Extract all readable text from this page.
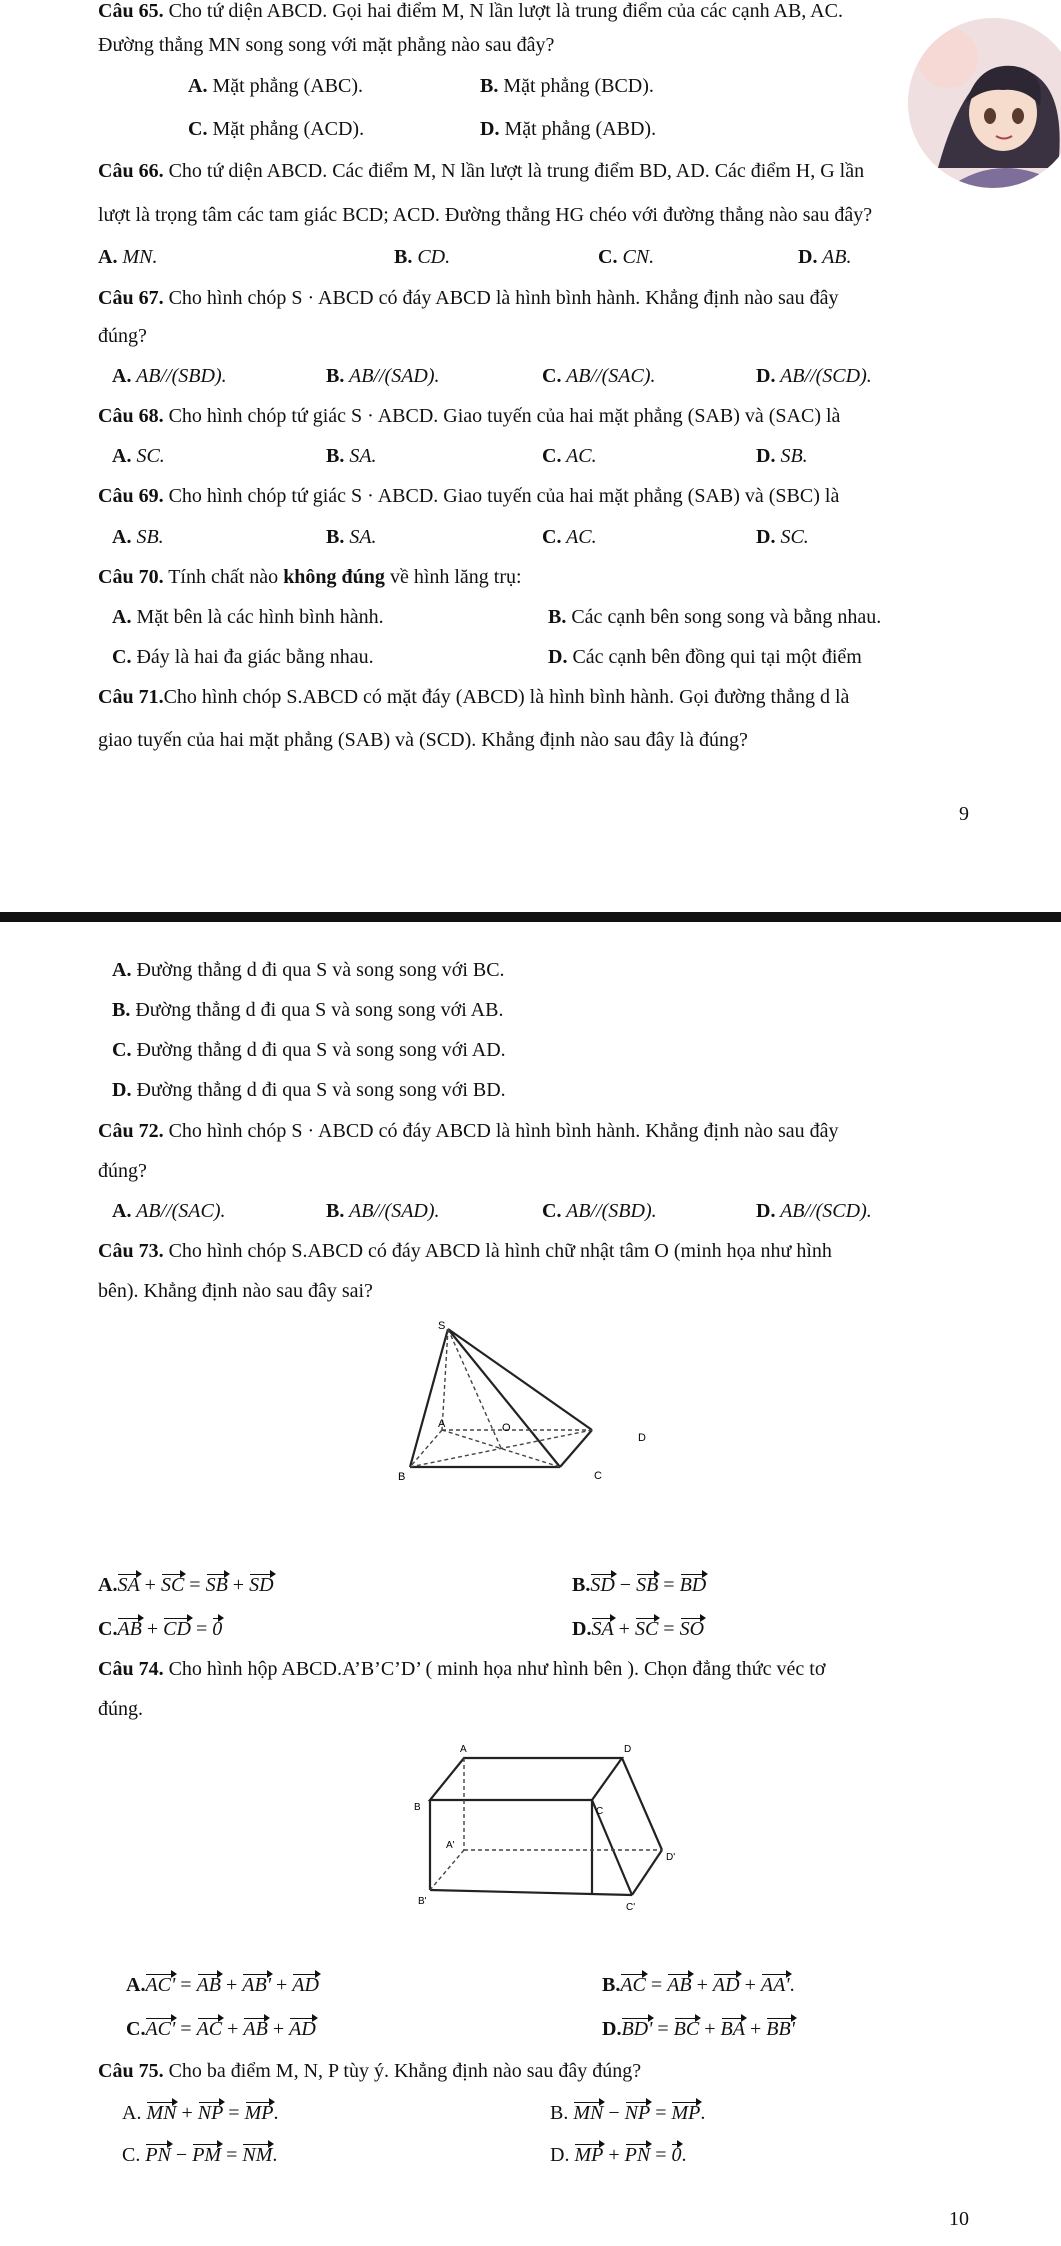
Câu 65. Cho tứ diện ABCD. Gọi hai điểm M, N lần lượt là trung điểm của các cạnh AB, AC.
Đường thẳng MN song song với mặt phẳng nào sau đây?
A. Mặt phẳng (ABC).	B. Mặt phẳng (BCD).
C. Mặt phẳng (ACD).	D. Mặt phẳng (ABD).
Câu 66. Cho tứ diện ABCD. Các điểm M, N lần lượt là trung điểm BD, AD. Các điểm H, G lần
lượt là trọng tâm các tam giác BCD; ACD. Đường thẳng HG chéo với đường thẳng nào sau đây?
A. MN.	B. CD.	C. CN.	D. AB.
Câu 67. Cho hình chóp S · ABCD có đáy ABCD là hình bình hành. Khẳng định nào sau đây
đúng?
A. AB//(SBD).	B. AB//(SAD).	C. AB//(SAC).	D. AB//(SCD).
Câu 68. Cho hình chóp tứ giác S · ABCD. Giao tuyến của hai mặt phẳng (SAB) và (SAC) là
A. SC.	B. SA.	C. AC.	D. SB.
Câu 69. Cho hình chóp tứ giác S · ABCD. Giao tuyến của hai mặt phẳng (SAB) và (SBC) là
A. SB.	B. SA.	C. AC.	D. SC.
Câu 70. Tính chất nào không đúng về hình lăng trụ:
A. Mặt bên là các hình bình hành.	B. Các cạnh bên song song và bằng nhau.
C. Đáy là hai đa giác bằng nhau.	D. Các cạnh bên đồng qui tại một điểm
Câu 71.Cho hình chóp S.ABCD có mặt đáy (ABCD) là hình bình hành. Gọi đường thẳng d là
giao tuyến của hai mặt phẳng (SAB) và (SCD). Khẳng định nào sau đây là đúng?
9
A. Đường thẳng d đi qua S và song song với BC.
B. Đường thẳng d đi qua S và song song với AB.
C. Đường thẳng d đi qua S và song song với AD.
D. Đường thẳng d đi qua S và song song với BD.
Câu 72. Cho hình chóp S · ABCD có đáy ABCD là hình bình hành. Khẳng định nào sau đây
đúng?
A. AB//(SAC).	B. AB//(SAD).	C. AB//(SBD).	D. AB//(SCD).
Câu 73. Cho hình chóp S.ABCD có đáy ABCD là hình chữ nhật tâm O (minh họa như hình
bên). Khẳng định nào sau đây sai?
S
A
D
O
B	C
A.SA + SC = SB + SD	B.SD − SB = BD
C.AB + CD = 0	D.SA + SC = SO
Câu 74. Cho hình hộp ABCD.A’B’C’D’ ( minh họa như hình bên ). Chọn đẳng thức véc tơ
đúng.
A	D
B	C
A'
D'
B'
C'
A.AC' = AB + AB' + AD	B.AC = AB + AD + AA'.
C.AC' = AC + AB + AD	D.BD' = BC + BA + BB'
Câu 75. Cho ba điểm M, N, P tùy ý. Khẳng định nào sau đây đúng?
A. MN + NP = MP.	B. MN − NP = MP.
C. PN − PM = NM.	D. MP + PN = 0.
10
